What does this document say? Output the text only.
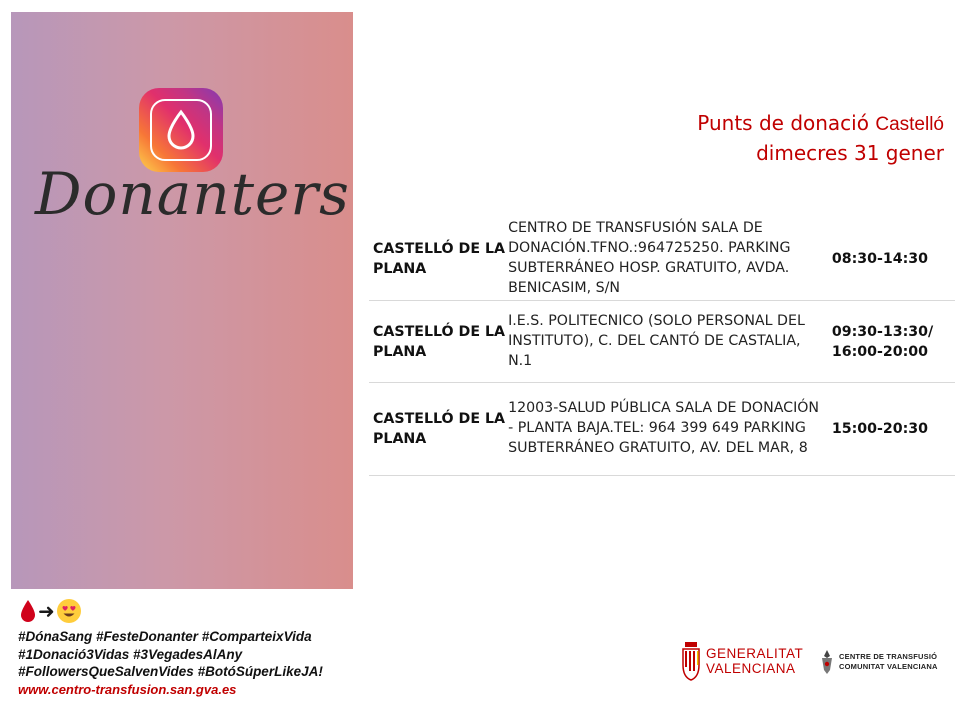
Donanters
➜
#DónaSang #FesteDonanter #ComparteixVida
#1Donació3Vidas #3VegadesAlAny
#FollowersQueSalvenVides #BotóSúperLikeJA!
www.centro-transfusion.san.gva.es
Punts de donació Castelló
dimecres 31 gener
CASTELLÓ DE LA PLANA
CENTRO DE TRANSFUSIÓN SALA DE DONACIÓN.TFNO.:964725250. PARKING SUBTERRÁNEO HOSP. GRATUITO, AVDA. BENICASIM, S/N
08:30-14:30
CASTELLÓ DE LA PLANA
I.E.S. POLITECNICO (SOLO PERSONAL DEL INSTITUTO), C. DEL CANTÓ DE CASTALIA, N.1
09:30-13:30/ 16:00-20:00
CASTELLÓ DE LA PLANA
12003-SALUD PÚBLICA SALA DE DONACIÓN - PLANTA BAJA.TEL: 964 399 649 PARKING SUBTERRÁNEO GRATUITO, AV. DEL MAR, 8
15:00-20:30
GENERALITAT
VALENCIANA
CENTRE DE TRANSFUSIÓ
COMUNITAT VALENCIANA
